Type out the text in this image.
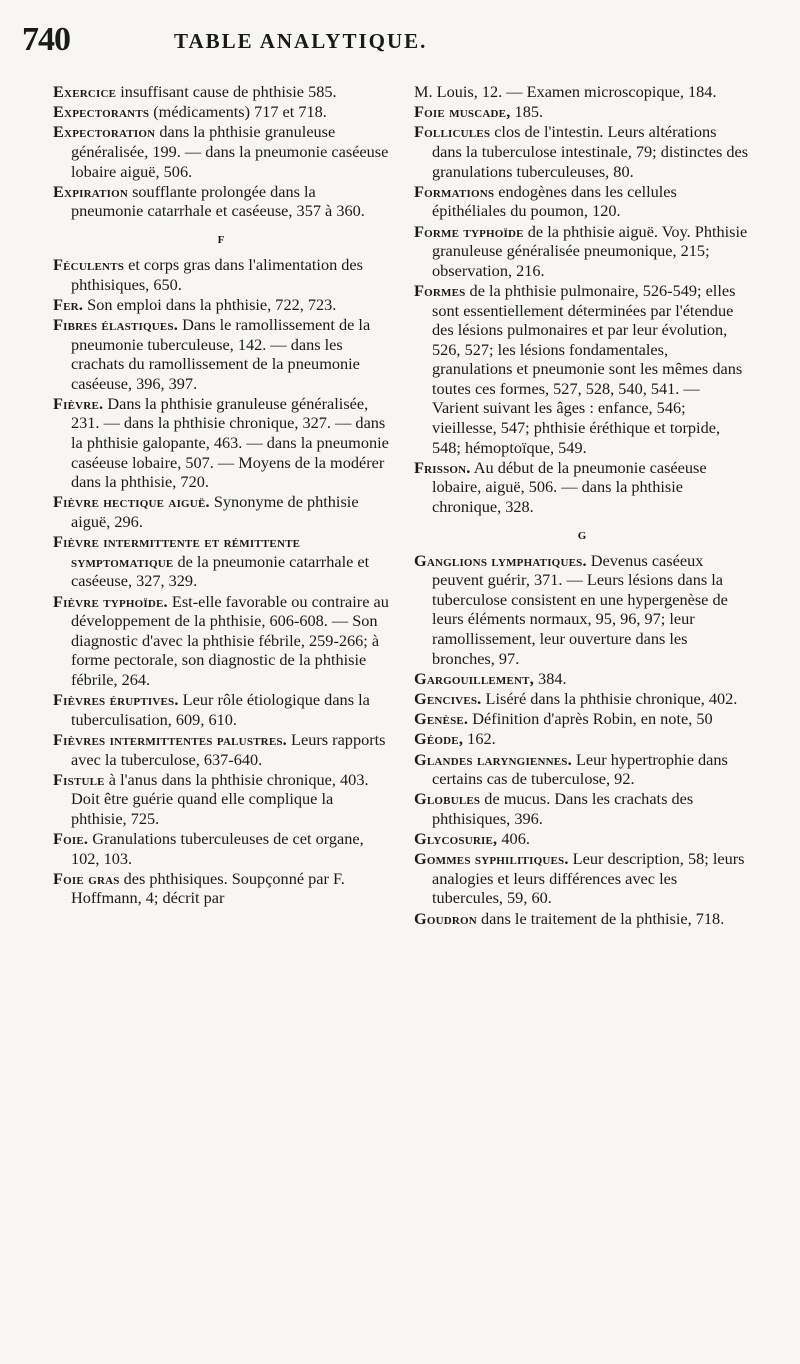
740	TABLE ANALYTIQUE.
Exercice insuffisant cause de phthisie 585.
Expectorants (médicaments) 717 et 718.
Expectoration dans la phthisie granuleuse généralisée, 199. — dans la pneumonie caséeuse lobaire aiguë, 506.
Expiration soufflante prolongée dans la pneumonie catarrhale et caséeuse, 357 à 360.
F
Féculents et corps gras dans l'alimentation des phthisiques, 650.
Fer. Son emploi dans la phthisie, 722, 723.
Fibres élastiques. Dans le ramollissement de la pneumonie tuberculeuse, 142. — dans les crachats du ramollissement de la pneumonie caséeuse, 396, 397.
Fièvre. Dans la phthisie granuleuse généralisée, 231. — dans la phthisie chronique, 327. — dans la phthisie galopante, 463. — dans la pneumonie caséeuse lobaire, 507. — Moyens de la modérer dans la phthisie, 720.
Fièvre hectique aiguë. Synonyme de phthisie aiguë, 296.
Fièvre intermittente et rémittente symptomatique de la pneumonie catarrhale et caséeuse, 327, 329.
Fièvre typhoïde. Est-elle favorable ou contraire au développement de la phthisie, 606-608. — Son diagnostic d'avec la phthisie fébrile, 259-266; à forme pectorale, son diagnostic de la phthisie fébrile, 264.
Fièvres éruptives. Leur rôle étiologique dans la tuberculisation, 609, 610.
Fièvres intermittentes palustres. Leurs rapports avec la tuberculose, 637-640.
Fistule à l'anus dans la phthisie chronique, 403. Doit être guérie quand elle complique la phthisie, 725.
Foie. Granulations tuberculeuses de cet organe, 102, 103.
Foie gras des phthisiques. Soupçonné par F. Hoffmann, 4; décrit par
M. Louis, 12. — Examen microscopique, 184.
Foie muscade, 185.
Follicules clos de l'intestin. Leurs altérations dans la tuberculose intestinale, 79; distinctes des granulations tuberculeuses, 80.
Formations endogènes dans les cellules épithéliales du poumon, 120.
Forme typhoïde de la phthisie aiguë. Voy. Phthisie granuleuse généralisée pneumonique, 215; observation, 216.
Formes de la phthisie pulmonaire, 526-549; elles sont essentiellement déterminées par l'étendue des lésions pulmonaires et par leur évolution, 526, 527; les lésions fondamentales, granulations et pneumonie sont les mêmes dans toutes ces formes, 527, 528, 540, 541. — Varient suivant les âges : enfance, 546; vieillesse, 547; phthisie éréthique et torpide, 548; hémoptoïque, 549.
Frisson. Au début de la pneumonie caséeuse lobaire, aiguë, 506. — dans la phthisie chronique, 328.
G
Ganglions lymphatiques. Devenus caséeux peuvent guérir, 371. — Leurs lésions dans la tuberculose consistent en une hypergenèse de leurs éléments normaux, 95, 96, 97; leur ramollissement, leur ouverture dans les bronches, 97.
Gargouillement, 384.
Gencives. Liséré dans la phthisie chronique, 402.
Genèse. Définition d'après Robin, en note, 50
Géode, 162.
Glandes laryngiennes. Leur hypertrophie dans certains cas de tuberculose, 92.
Globules de mucus. Dans les crachats des phthisiques, 396.
Glycosurie, 406.
Gommes syphilitiques. Leur description, 58; leurs analogies et leurs différences avec les tubercules, 59, 60.
Goudron dans le traitement de la phthisie, 718.
